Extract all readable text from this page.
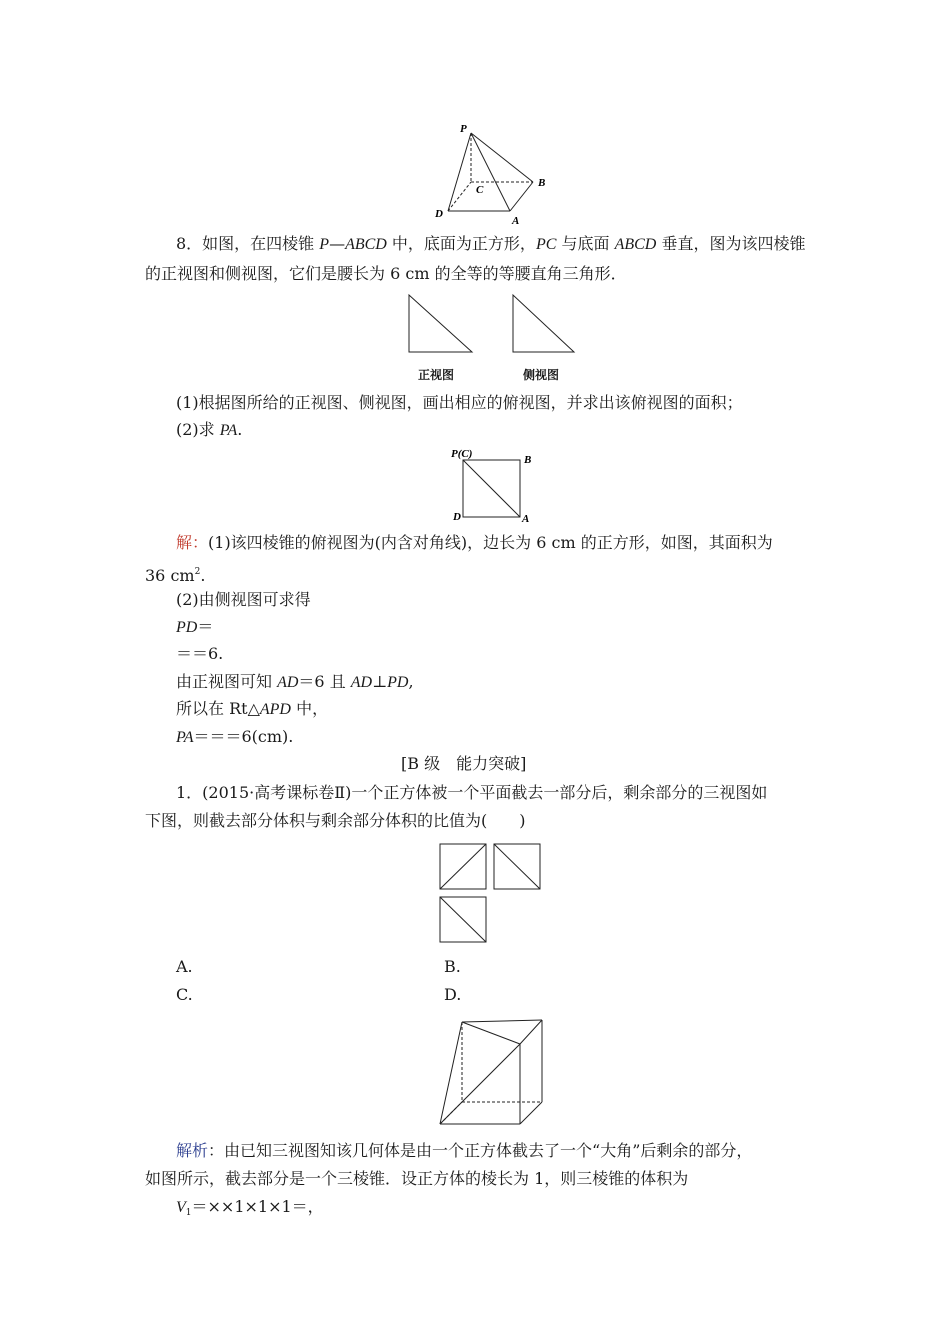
P
B
C
D
A
8．如图，在四棱锥 P—ABCD 中，底面为正方形，PC 与底面 ABCD 垂直，图为该四棱锥
的正视图和侧视图，它们是腰长为 6 cm 的全等的等腰直角三角形．
正视图	侧视图
(1)根据图所给的正视图、侧视图，画出相应的俯视图，并求出该俯视图的面积；
(2)求 PA.
P(C)	B
D	A
解：(1)该四棱锥的俯视图为(内含对角线)，边长为 6 cm 的正方形，如图，其面积为
36 $cm^2$.
(2)由侧视图可求得
PD＝
＝＝6.
由正视图可知 AD＝6 且 AD⊥PD,
所以在 Rt△APD 中，
PA＝＝＝6(cm).
[B 级　能力突破]
1．(2015·高考课标卷Ⅱ)一个正方体被一个平面截去一部分后，剩余部分的三视图如
下图，则截去部分体积与剩余部分体积的比值为(　　)
A.	B.
C.	D.
解析：由已知三视图知该几何体是由一个正方体截去了一个“大角”后剩余的部分，
如图所示，截去部分是一个三棱锥．设正方体的棱长为 1，则三棱锥的体积为
$V_1=\times\times 1\times 1\times 1=$，
